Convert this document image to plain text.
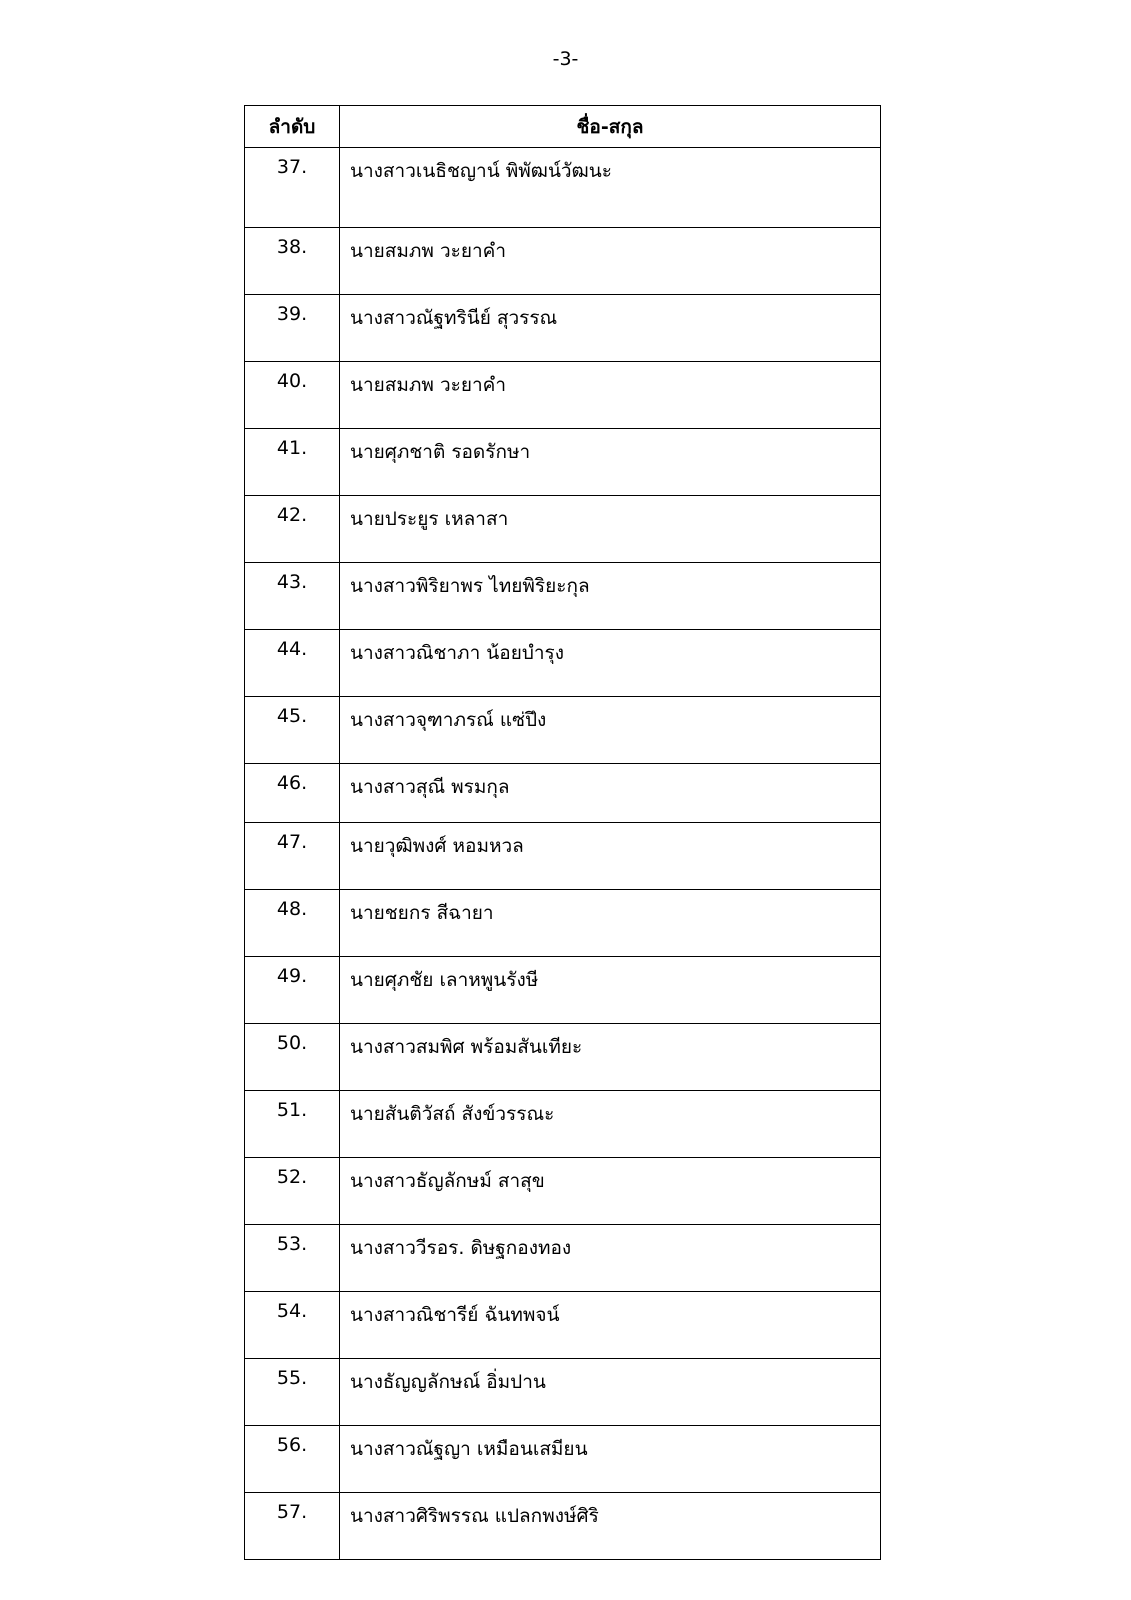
-3-
ลำดับ	ชื่อ-สกุล
37.	นางสาวเนธิชญาน์ พิพัฒน์วัฒนะ
38.	นายสมภพ วะยาคำ
39.	นางสาวณัฐทรินีย์ สุวรรณ
40.	นายสมภพ วะยาคำ
41.	นายศุภชาติ รอดรักษา
42.	นายประยูร เหลาสา
43.	นางสาวพิริยาพร ไทยพิริยะกุล
44.	นางสาวณิชาภา น้อยบำรุง
45.	นางสาวจุฑาภรณ์ แซ่ปึง
46.	นางสาวสุณี พรมกุล
47.	นายวุฒิพงศ์ หอมหวล
48.	นายชยกร สีฉายา
49.	นายศุภชัย เลาหพูนรังษี
50.	นางสาวสมพิศ พร้อมสันเทียะ
51.	นายสันติวัสถ์ สังข์วรรณะ
52.	นางสาวธัญลักษม์ สาสุข
53.	นางสาววีรอร. ดิษฐกองทอง
54.	นางสาวณิชารีย์ ฉันทพจน์
55.	นางธัญญลักษณ์ อิ่มปาน
56.	นางสาวณัฐญา เหมือนเสมียน
57.	นางสาวศิริพรรณ แปลกพงษ์ศิริ
